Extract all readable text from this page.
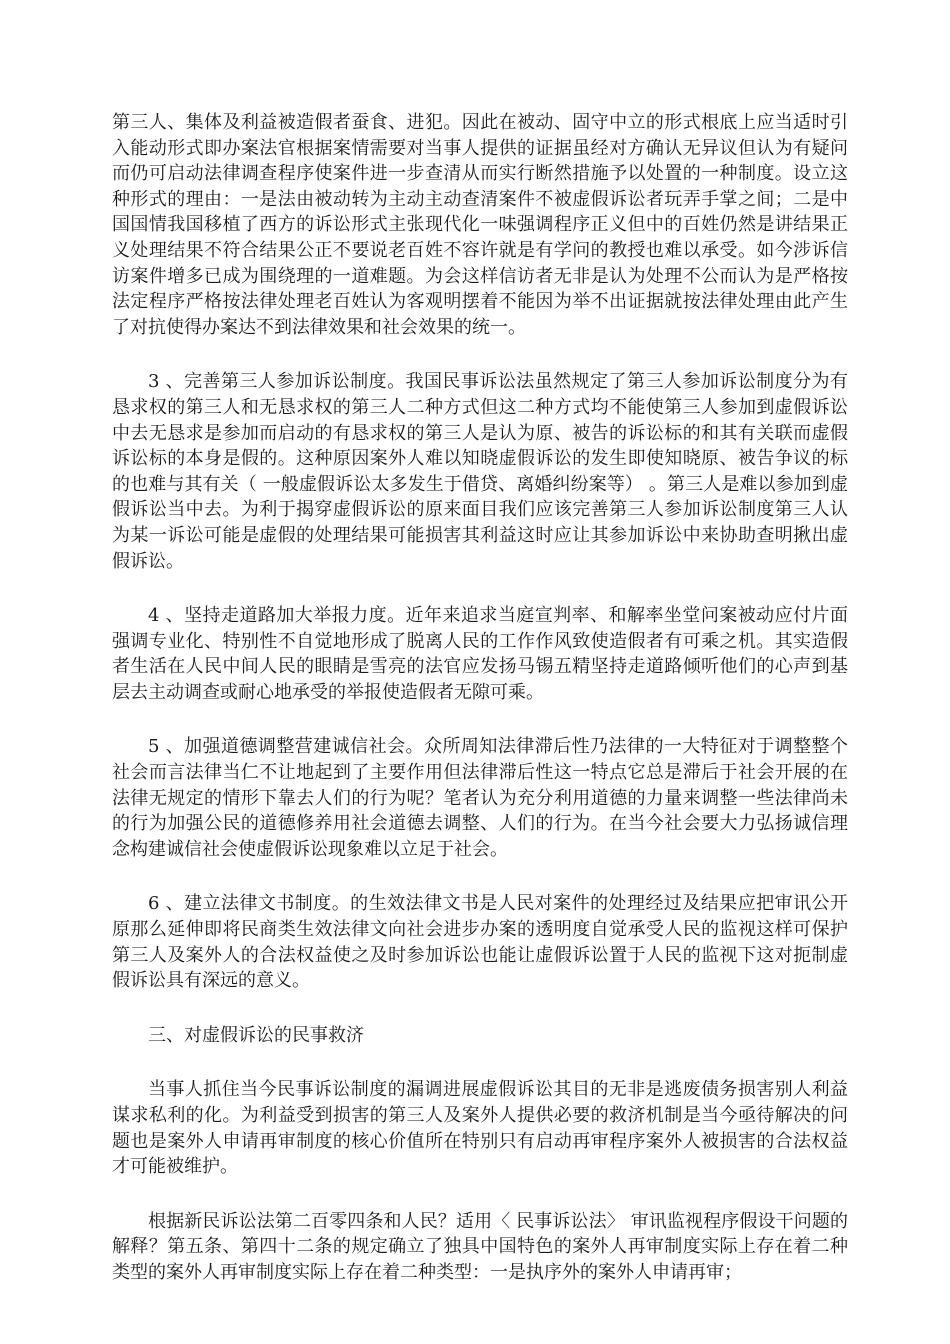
第三人、集体及利益被造假者蚕食、进犯。因此在被动、固守中立的形式根底上应当适时引入能动形式即办案法官根据案情需要对当事人提供的证据虽经对方确认无异议但认为有疑问而仍可启动法律调查程序使案件进一步查清从而实行断然措施予以处置的一种制度。设立这种形式的理由：一是法由被动转为主动主动查清案件不被虚假诉讼者玩弄手掌之间；二是中国国情我国移植了西方的诉讼形式主张现代化一味强调程序正义但中的百姓仍然是讲结果正义处理结果不符合结果公正不要说老百姓不容许就是有学问的教授也难以承受。如今涉诉信访案件增多已成为围绕理的一道难题。为会这样信访者无非是认为处理不公而认为是严格按法定程序严格按法律处理老百姓认为客观明摆着不能因为举不出证据就按法律处理由此产生了对抗使得办案达不到法律效果和社会效果的统一。

3 、完善第三人参加诉讼制度。我国民事诉讼法虽然规定了第三人参加诉讼制度分为有恳求权的第三人和无恳求权的第三人二种方式但这二种方式均不能使第三人参加到虚假诉讼中去无恳求是参加而启动的有恳求权的第三人是认为原、被告的诉讼标的和其有关联而虚假诉讼标的本身是假的。这种原因案外人难以知晓虚假诉讼的发生即使知晓原、被告争议的标的也难与其有关（ 一般虚假诉讼太多发生于借贷、离婚纠纷案等） 。第三人是难以参加到虚假诉讼当中去。为利于揭穿虚假诉讼的原来面目我们应该完善第三人参加诉讼制度第三人认为某一诉讼可能是虚假的处理结果可能损害其利益这时应让其参加诉讼中来协助查明揪出虚假诉讼。

4 、坚持走道路加大举报力度。近年来追求当庭宣判率、和解率坐堂问案被动应付片面强调专业化、特别性不自觉地形成了脱离人民的工作作风致使造假者有可乘之机。其实造假者生活在人民中间人民的眼睛是雪亮的法官应发扬马锡五精坚持走道路倾听他们的心声到基层去主动调查或耐心地承受的举报使造假者无隙可乘。

5 、加强道德调整营建诚信社会。众所周知法律滞后性乃法律的一大特征对于调整整个社会而言法律当仁不让地起到了主要作用但法律滞后性这一特点它总是滞后于社会开展的在法律无规定的情形下靠去人们的行为呢？笔者认为充分利用道德的力量来调整一些法律尚未的行为加强公民的道德修养用社会道德去调整、人们的行为。在当今社会要大力弘扬诚信理念构建诚信社会使虚假诉讼现象难以立足于社会。

6 、建立法律文书制度。的生效法律文书是人民对案件的处理经过及结果应把审讯公开原那么延伸即将民商类生效法律文向社会进步办案的透明度自觉承受人民的监视这样可保护第三人及案外人的合法权益使之及时参加诉讼也能让虚假诉讼置于人民的监视下这对扼制虚假诉讼具有深远的意义。

三、对虚假诉讼的民事救济

当事人抓住当今民事诉讼制度的漏调进展虚假诉讼其目的无非是逃废债务损害别人利益谋求私利的化。为利益受到损害的第三人及案外人提供必要的救济机制是当今亟待解决的问题也是案外人申请再审制度的核心价值所在特别只有启动再审程序案外人被损害的合法权益才可能被维护。

根据新民诉讼法第二百零四条和人民？适用〈 民事诉讼法〉 审讯监视程序假设干问题的解释？第五条、第四十二条的规定确立了独具中国特色的案外人再审制度实际上存在着二种类型的案外人再审制度实际上存在着二种类型：一是执序外的案外人申请再审；
